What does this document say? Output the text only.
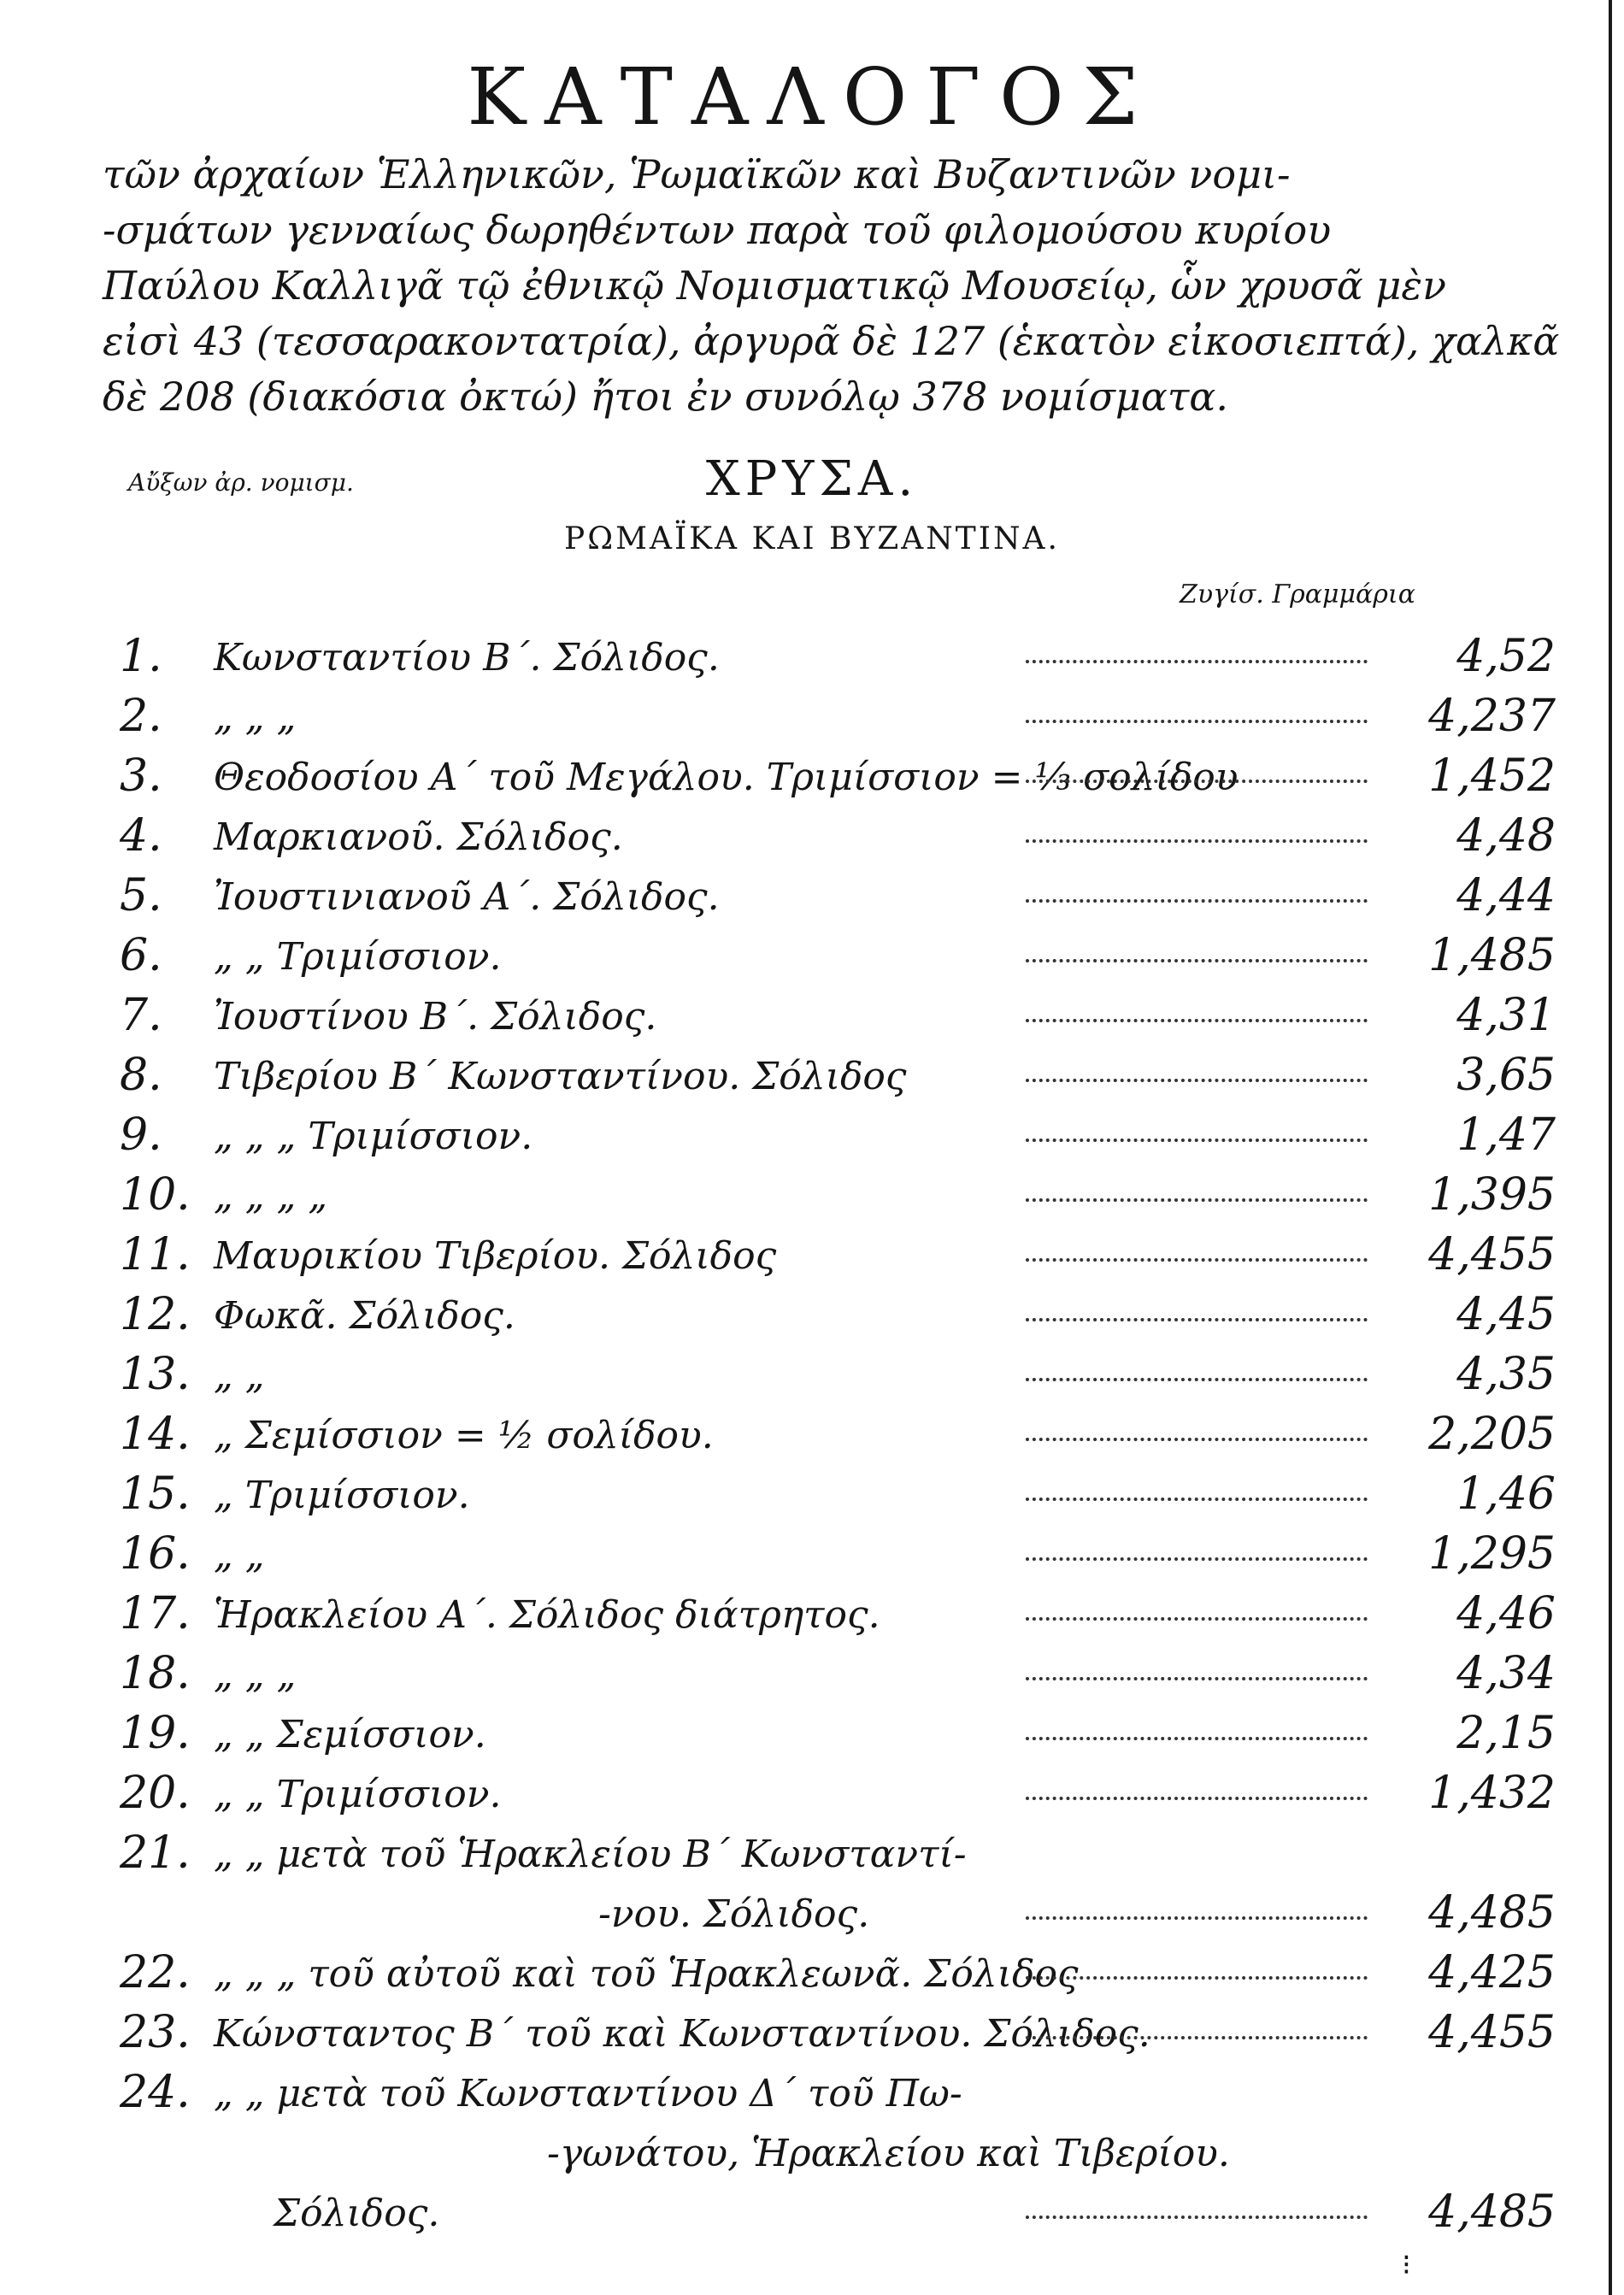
ΚΑΤΑΛΟΓΟΣ
τῶν ἀρχαίων Ἑλληνικῶν, Ῥωμαϊκῶν καὶ Βυζαντινῶν νομι-
-σμάτων γενναίως δωρηθέντων παρὰ τοῦ φιλομούσου κυρίου
Παύλου Καλλιγᾶ τῷ ἐθνικῷ Νομισματικῷ Μουσείῳ, ὧν χρυσᾶ μὲν
εἰσὶ 43 (τεσσαρακοντατρία), ἀργυρᾶ δὲ 127 (ἑκατὸν εἰκοσιεπτά), χαλκᾶ
δὲ 208 (διακόσια ὀκτώ) ἤτοι ἐν συνόλῳ 378 νομίσματα.
Αὔξων ἀρ. νομισμ.	ΧΡΥΣΑ.
ΡΩΜΑΪΚΑ ΚΑΙ ΒΥΖΑΝΤΙΝΑ.
Ζυγίσ. Γραμμάρια
1. Κωνσταντίου Β΄. Σόλιδος.	4,52
2. „ „ „	4,237
3. Θεοδοσίου Α΄ τοῦ Μεγάλου. Τριμίσσιον = ⅓ σολίδου	1,452
4. Μαρκιανοῦ. Σόλιδος.	4,48
5. Ἰουστινιανοῦ Α΄. Σόλιδος.	4,44
6. „ „ Τριμίσσιον.	1,485
7. Ἰουστίνου Β΄. Σόλιδος.	4,31
8. Τιβερίου Β΄ Κωνσταντίνου. Σόλιδος	3,65
9. „ „ „ Τριμίσσιον.	1,47
10. „ „ „ „	1,395
11. Μαυρικίου Τιβερίου. Σόλιδος	4,455
12. Φωκᾶ. Σόλιδος.	4,45
13. „ „	4,35
14. „ Σεμίσσιον = ½ σολίδου.	2,205
15. „ Τριμίσσιον.	1,46
16. „ „	1,295
17. Ἡρακλείου Α΄. Σόλιδος διάτρητος.	4,46
18. „ „ „	4,34
19. „ „ Σεμίσσιον.	2,15
20. „ „ Τριμίσσιον.	1,432
21. „ „ μετὰ τοῦ Ἡρακλείου Β΄ Κωνσταντί-
-νου. Σόλιδος.	4,485
22. „ „ „ τοῦ αὐτοῦ καὶ τοῦ Ἡρακλεωνᾶ. Σόλιδος	4,425
23. Κώνσταντος Β΄ τοῦ καὶ Κωνσταντίνου. Σόλιδος.	4,455
24. „ „ μετὰ τοῦ Κωνσταντίνου Δ΄ τοῦ Πω-
-γωνάτου, Ἡρακλείου καὶ Τιβερίου.
Σόλιδος.	4,485
⁝
